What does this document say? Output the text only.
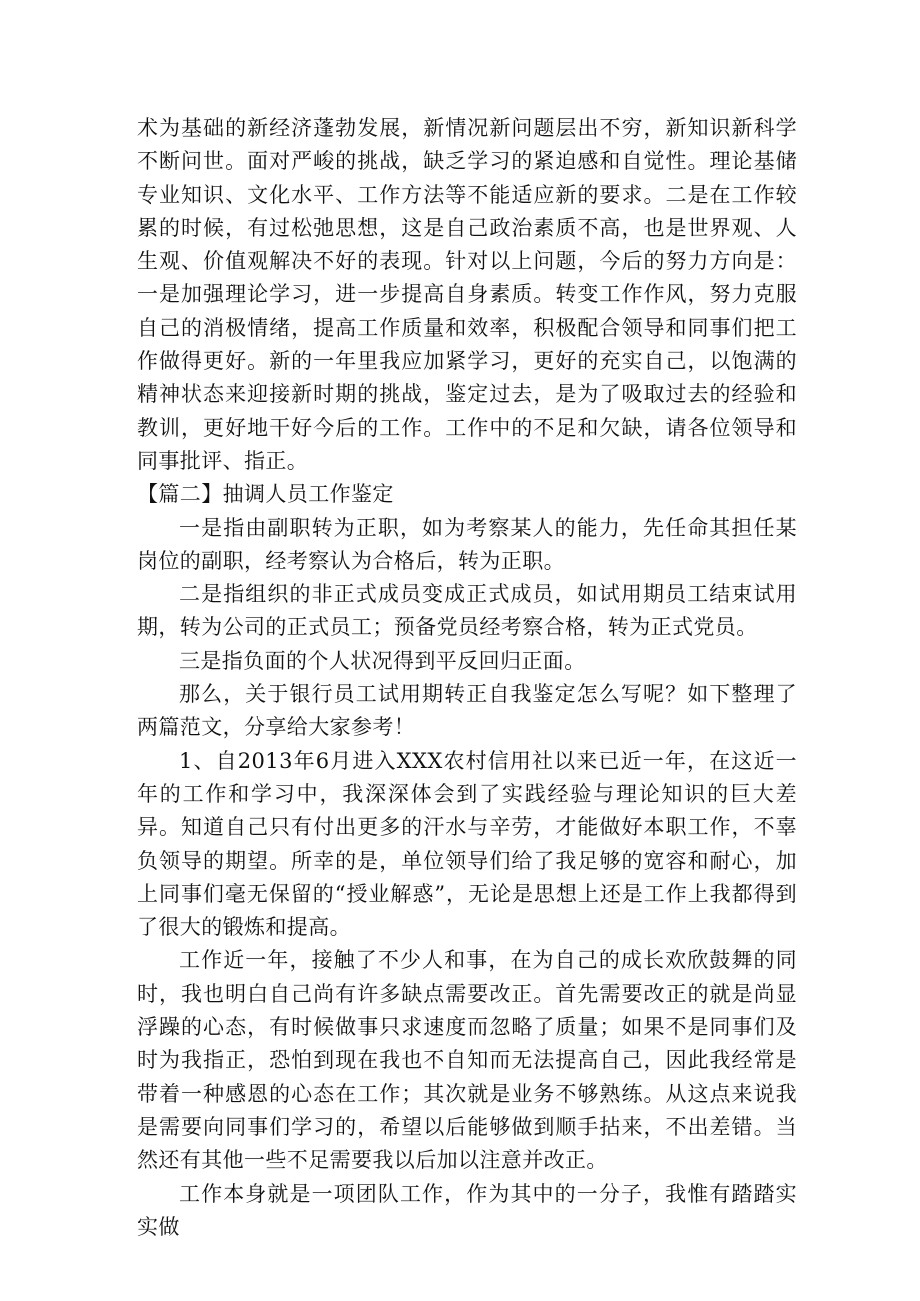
术为基础的新经济蓬勃发展，新情况新问题层出不穷，新知识新科学不断问世。面对严峻的挑战，缺乏学习的紧迫感和自觉性。理论基储专业知识、文化水平、工作方法等不能适应新的要求。二是在工作较累的时候，有过松弛思想，这是自己政治素质不高，也是世界观、人生观、价值观解决不好的表现。针对以上问题，今后的努力方向是：一是加强理论学习，进一步提高自身素质。转变工作作风，努力克服自己的消极情绪，提高工作质量和效率，积极配合领导和同事们把工作做得更好。新的一年里我应加紧学习，更好的充实自己，以饱满的精神状态来迎接新时期的挑战，鉴定过去，是为了吸取过去的经验和教训，更好地干好今后的工作。工作中的不足和欠缺，请各位领导和同事批评、指正。

【篇二】抽调人员工作鉴定

一是指由副职转为正职，如为考察某人的能力，先任命其担任某岗位的副职，经考察认为合格后，转为正职。

二是指组织的非正式成员变成正式成员，如试用期员工结束试用期，转为公司的正式员工；预备党员经考察合格，转为正式党员。

三是指负面的个人状况得到平反回归正面。

那么，关于银行员工试用期转正自我鉴定怎么写呢？如下整理了两篇范文，分享给大家参考！

1、自2013年6月进入XXX农村信用社以来已近一年，在这近一年的工作和学习中，我深深体会到了实践经验与理论知识的巨大差异。知道自己只有付出更多的汗水与辛劳，才能做好本职工作，不辜负领导的期望。所幸的是，单位领导们给了我足够的宽容和耐心，加上同事们毫无保留的“授业解惑”，无论是思想上还是工作上我都得到了很大的锻炼和提高。

工作近一年，接触了不少人和事，在为自己的成长欢欣鼓舞的同时，我也明白自己尚有许多缺点需要改正。首先需要改正的就是尚显浮躁的心态，有时候做事只求速度而忽略了质量；如果不是同事们及时为我指正，恐怕到现在我也不自知而无法提高自己，因此我经常是带着一种感恩的心态在工作；其次就是业务不够熟练。从这点来说我是需要向同事们学习的，希望以后能够做到顺手拈来，不出差错。当然还有其他一些不足需要我以后加以注意并改正。

工作本身就是一项团队工作，作为其中的一分子，我惟有踏踏实实做
